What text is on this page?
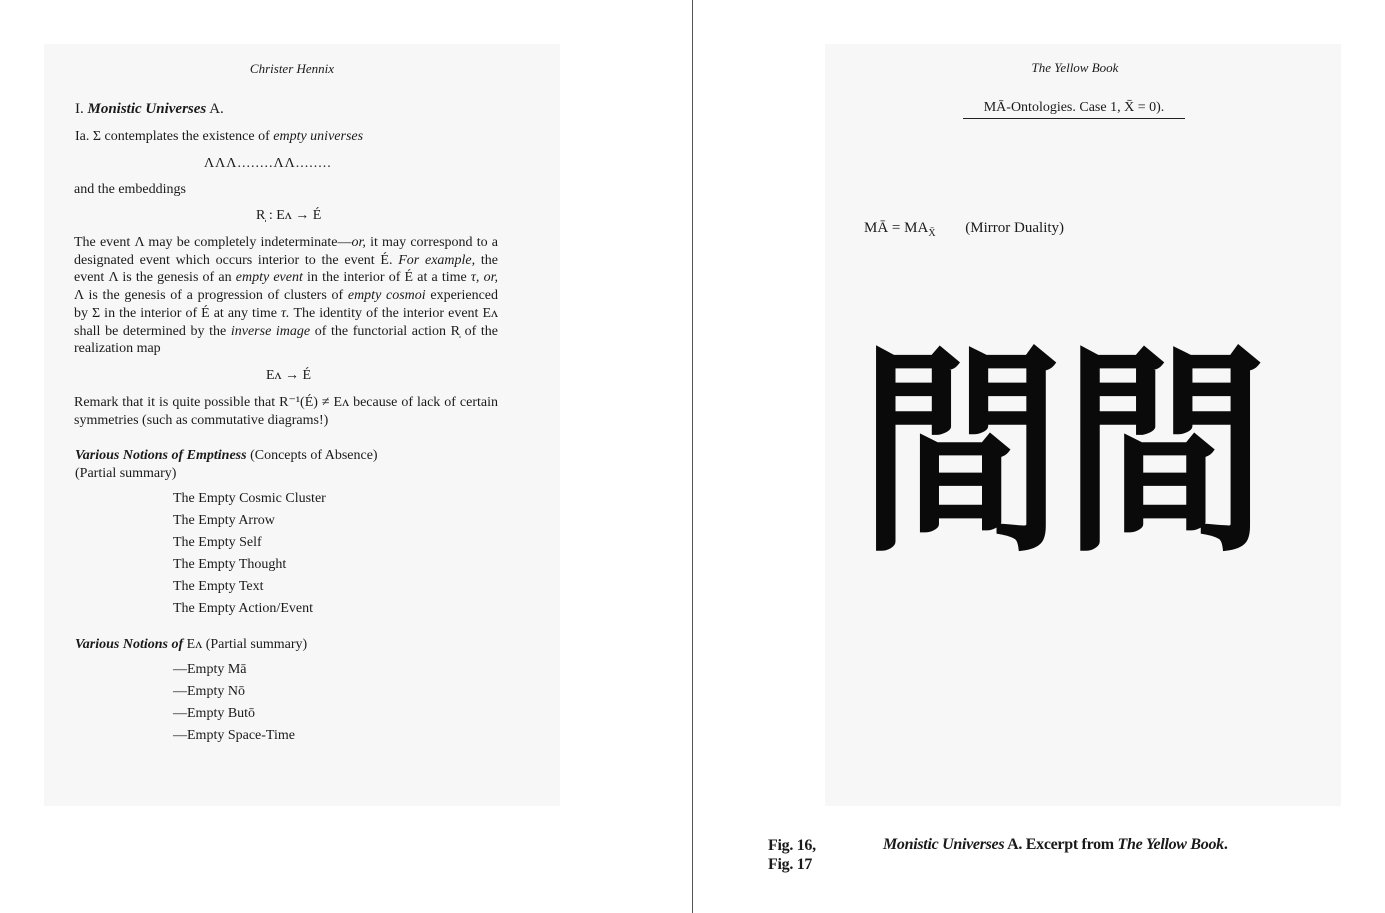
Christer Hennix
I. Monistic Universes A.
Ia. Σ contemplates the existence of empty universes
ΛΛΛ........ΛΛ........
and the embeddings
R̩ : Eᴧ → É
The event Λ may be completely indeterminate—or, it may correspond to a designated event which occurs interior to the event É. For example, the event Λ is the genesis of an empty event in the interior of É at a time τ, or, Λ is the genesis of a progression of clusters of empty cosmoi experienced by Σ in the interior of É at any time τ. The identity of the interior event Eᴧ shall be determined by the inverse image of the functorial action R̩ of the realization map
Eᴧ → É
Remark that it is quite possible that R⁻¹(É) ≠ Eᴧ because of lack of certain symmetries (such as commutative diagrams!)
Various Notions of Emptiness (Concepts of Absence)
(Partial summary)
The Empty Cosmic Cluster
The Empty Arrow
The Empty Self
The Empty Thought
The Empty Text
The Empty Action/Event
Various Notions of Eᴧ (Partial summary)
—Empty Mā
—Empty Nō
—Empty Butō
—Empty Space-Time
The Yellow Book
MĀ-Ontologies. Case 1, X̄ = 0).
MĀ = $MA_{X̄}$ (Mirror Duality)
間間
Fig. 16,
Fig. 17
Monistic Universes A. Excerpt from The Yellow Book.
